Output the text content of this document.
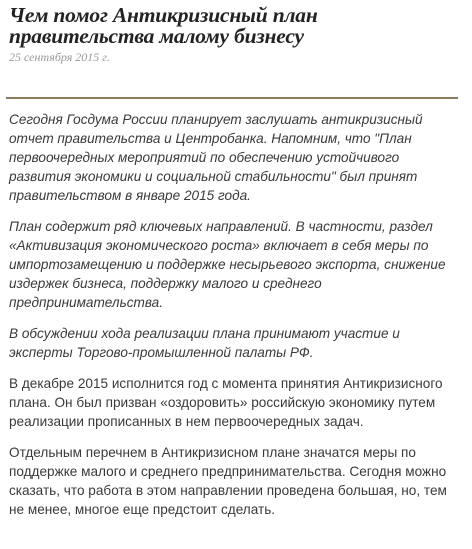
Чем помог Антикризисный план правительства малому бизнесу
25 сентября 2015 г.

Сегодня Госдума России планирует заслушать антикризисный отчет правительства и Центробанка. Напомним, что "План первоочередных мероприятий по обеспечению устойчивого развития экономики и социальной стабильности" был принят правительством в январе 2015 года.

План содержит ряд ключевых направлений. В частности, раздел «Активизация экономического роста» включает в себя меры по импортозамещению и поддержке несырьевого экспорта, снижение издержек бизнеса, поддержку малого и среднего предпринимательства.

В обсуждении хода реализации плана принимают участие и эксперты Торгово-промышленной палаты РФ.

В декабре 2015 исполнится год с момента принятия Антикризисного плана. Он был призван «оздоровить» российскую экономику путем реализации прописанных в нем первоочередных задач.

Отдельным перечнем в Антикризисном плане значатся меры по поддержке малого и среднего предпринимательства. Сегодня можно сказать, что работа в этом направлении проведена большая, но, тем не менее, многое еще предстоит сделать.
